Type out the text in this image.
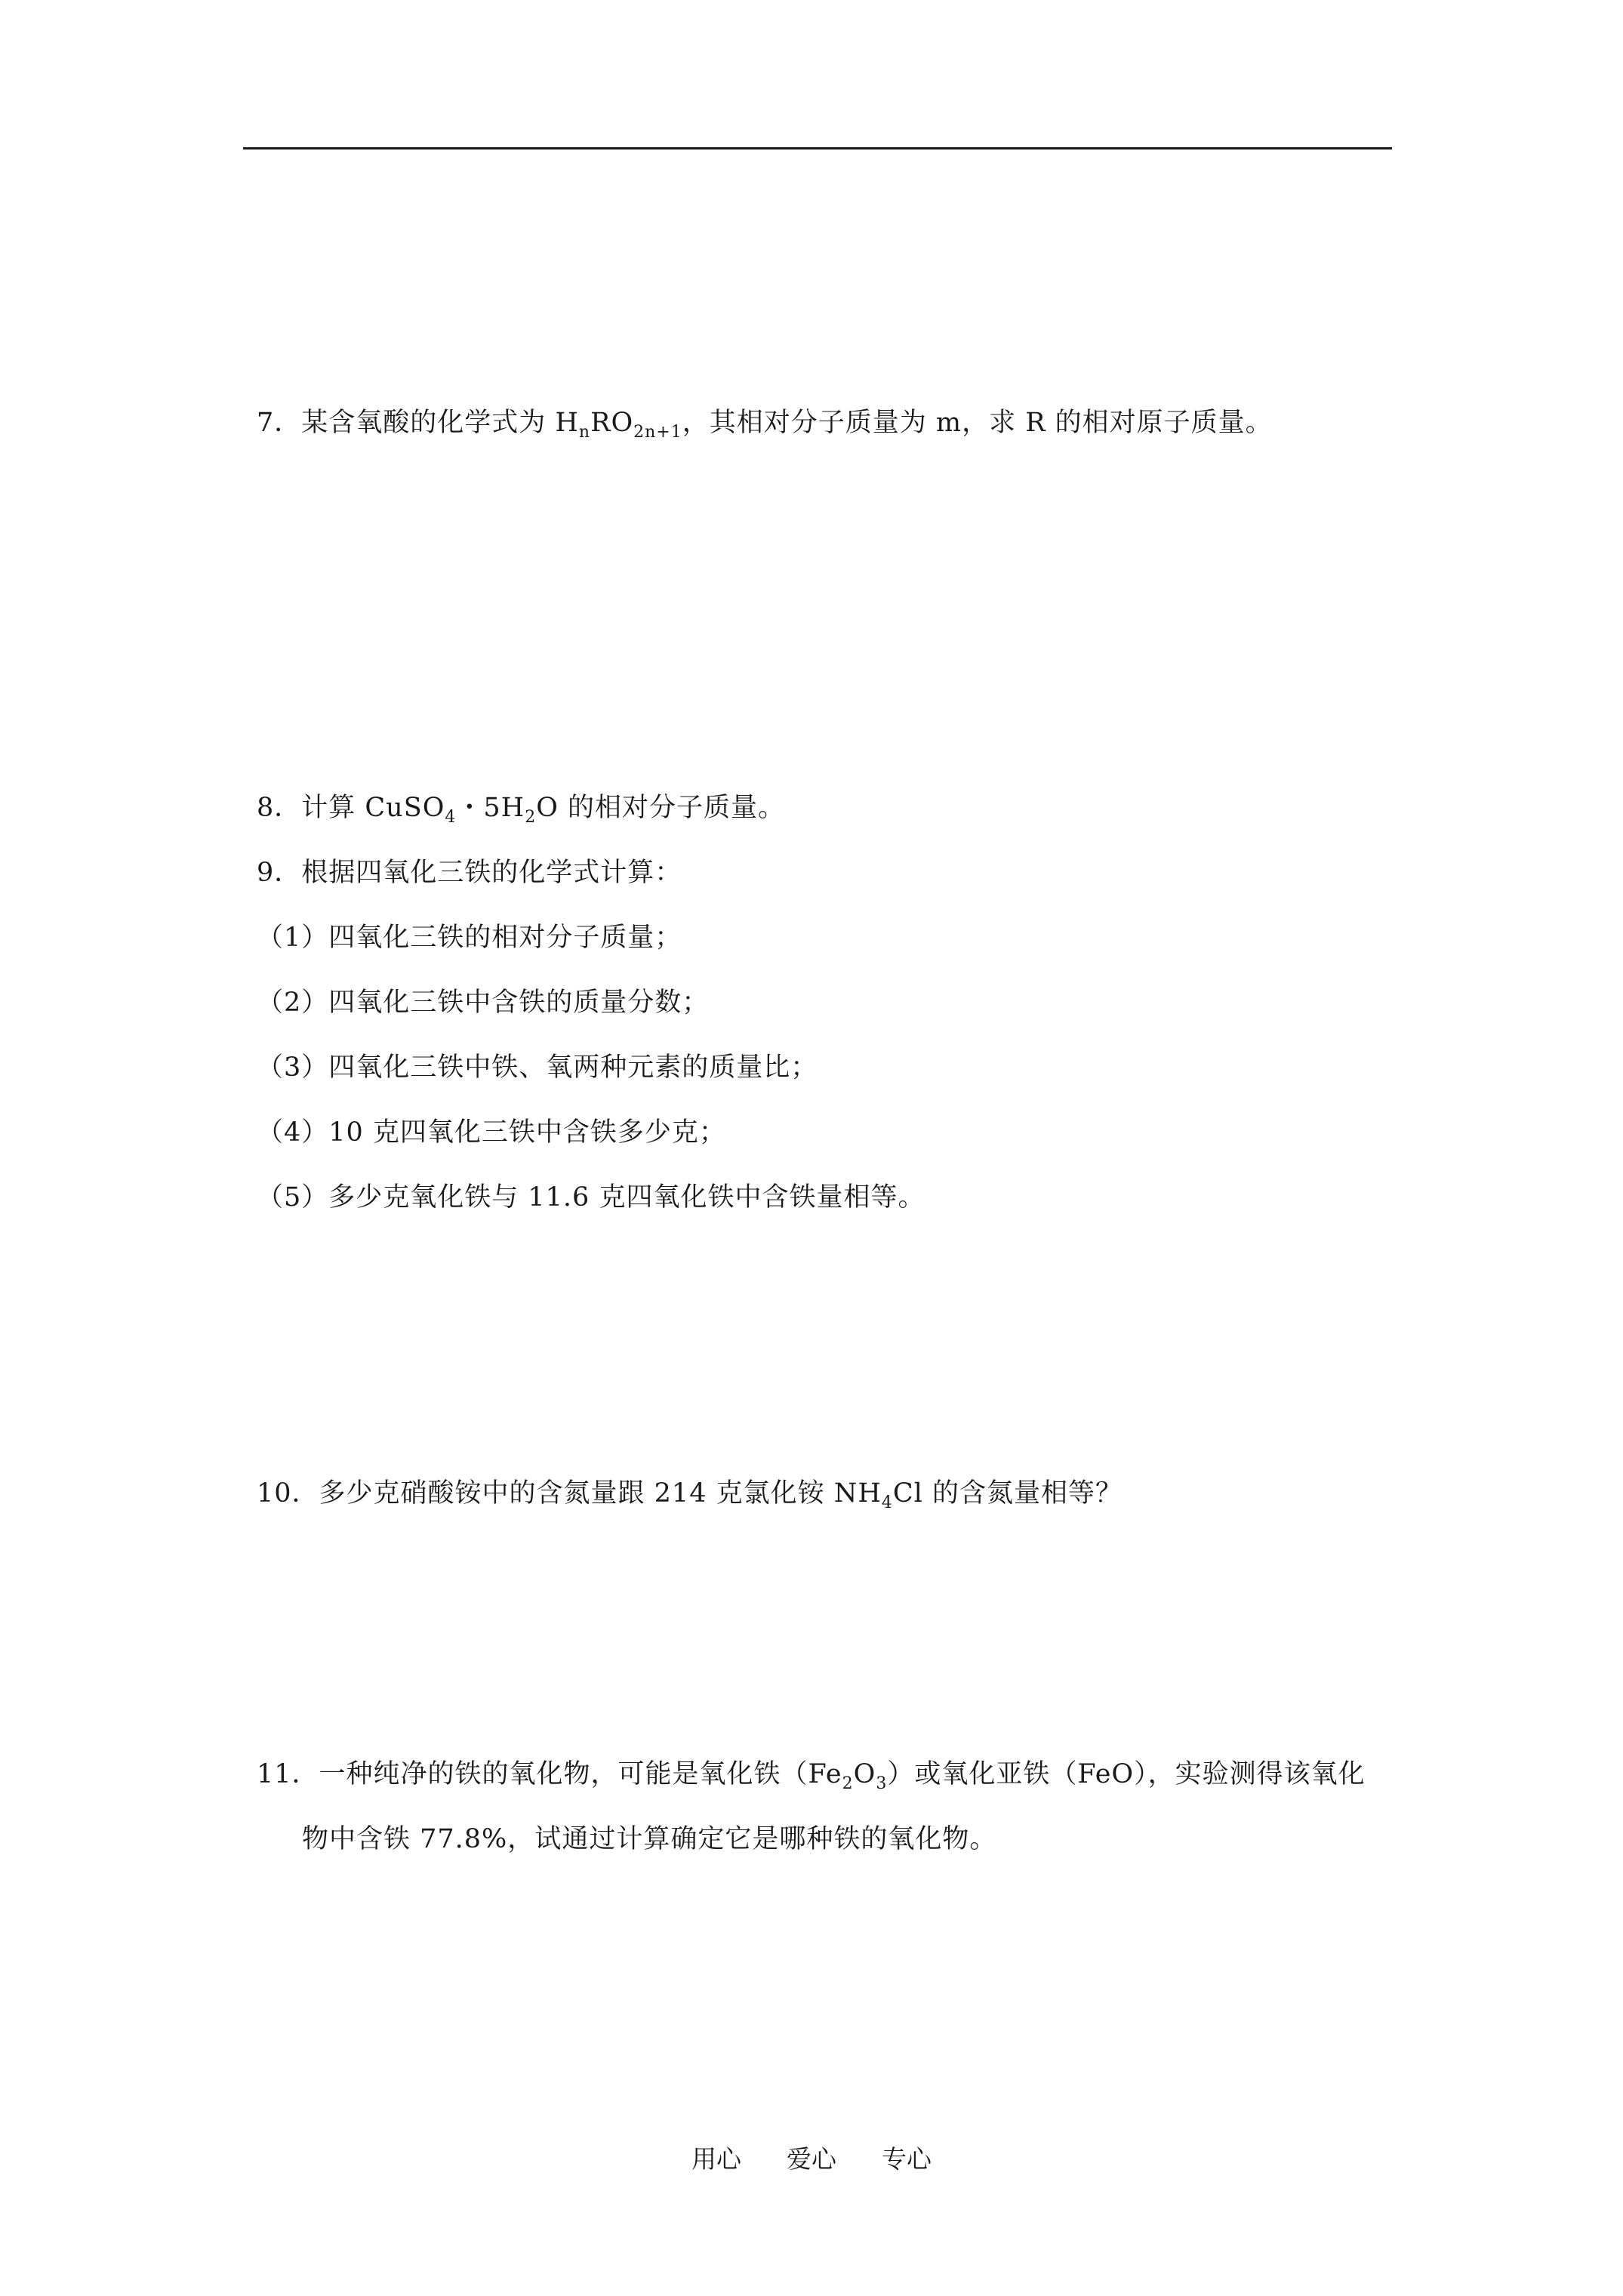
7．某含氧酸的化学式为 $H_nRO_{2n+1}$，其相对分子质量为 m，求 R 的相对原子质量。
8．计算 CuSO$_4$・$5H_2O$ 的相对分子质量。
9．根据四氧化三铁的化学式计算：
（1）四氧化三铁的相对分子质量；
（2）四氧化三铁中含铁的质量分数；
（3）四氧化三铁中铁、氧两种元素的质量比；
（4）10 克四氧化三铁中含铁多少克；
（5）多少克氧化铁与 11.6 克四氧化铁中含铁量相等。
10．多少克硝酸铵中的含氮量跟 214 克氯化铵 $NH_4Cl$ 的含氮量相等？
11．一种纯净的铁的氧化物，可能是氧化铁$(Fe_2O_3)$或氧化亚铁（FeO），实验测得该氧化
物中含铁 77.8%，试通过计算确定它是哪种铁的氧化物。
用心 爱心 专心
